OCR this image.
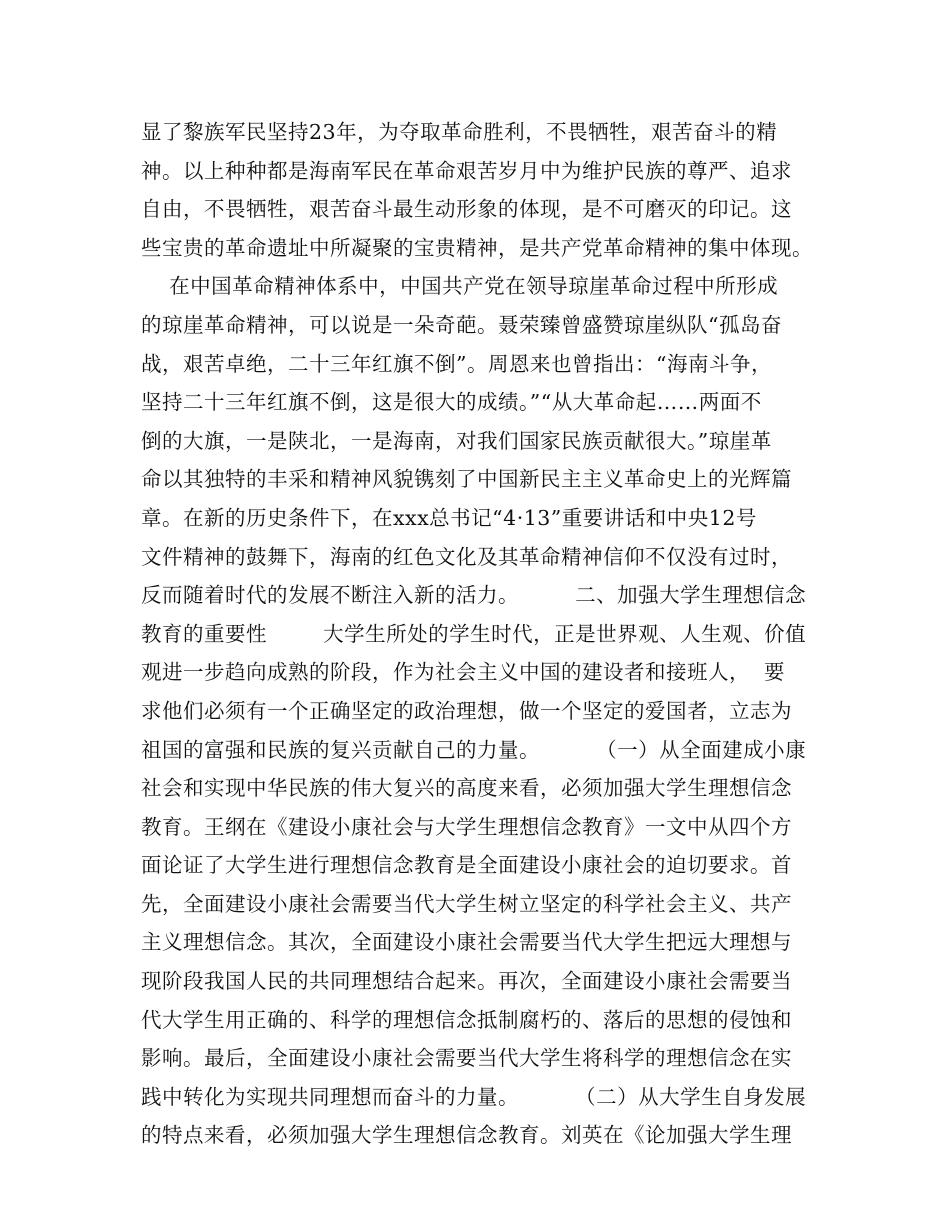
显了黎族军民坚持23年，为夺取革命胜利，不畏牺牲，艰苦奋斗的精
神。以上种种都是海南军民在革命艰苦岁月中为维护民族的尊严、追求
自由，不畏牺牲，艰苦奋斗最生动形象的体现，是不可磨灭的印记。这
些宝贵的革命遗址中所凝聚的宝贵精神，是共产党革命精神的集中体现。
在中国革命精神体系中，中国共产党在领导琼崖革命过程中所形成
的琼崖革命精神，可以说是一朵奇葩。聂荣臻曾盛赞琼崖纵队“孤岛奋
战，艰苦卓绝，二十三年红旗不倒”。周恩来也曾指出：“海南斗争，
坚持二十三年红旗不倒，这是很大的成绩。”“从大革命起……两面不
倒的大旗，一是陕北，一是海南，对我们国家民族贡献很大。”琼崖革
命以其独特的丰采和精神风貌镌刻了中国新民主主义革命史上的光辉篇
章。在新的历史条件下，在xxx总书记“4·13”重要讲话和中央12号
文件精神的鼓舞下，海南的红色文化及其革命精神信仰不仅没有过时，
反而随着时代的发展不断注入新的活力。        二、加强大学生理想信念
教育的重要性        大学生所处的学生时代，正是世界观、人生观、价值
观进一步趋向成熟的阶段，作为社会主义中国的建设者和接班人，  要
求他们必须有一个正确坚定的政治理想，做一个坚定的爱国者，立志为
祖国的富强和民族的复兴贡献自己的力量。        （一）从全面建成小康
社会和实现中华民族的伟大复兴的高度来看，必须加强大学生理想信念
教育。王纲在《建设小康社会与大学生理想信念教育》一文中从四个方
面论证了大学生进行理想信念教育是全面建设小康社会的迫切要求。首
先，全面建设小康社会需要当代大学生树立坚定的科学社会主义、共产
主义理想信念。其次，全面建设小康社会需要当代大学生把远大理想与
现阶段我国人民的共同理想结合起来。再次，全面建设小康社会需要当
代大学生用正确的、科学的理想信念抵制腐朽的、落后的思想的侵蚀和
影响。最后，全面建设小康社会需要当代大学生将科学的理想信念在实
践中转化为实现共同理想而奋斗的力量。        （二）从大学生自身发展
的特点来看，必须加强大学生理想信念教育。刘英在《论加强大学生理
